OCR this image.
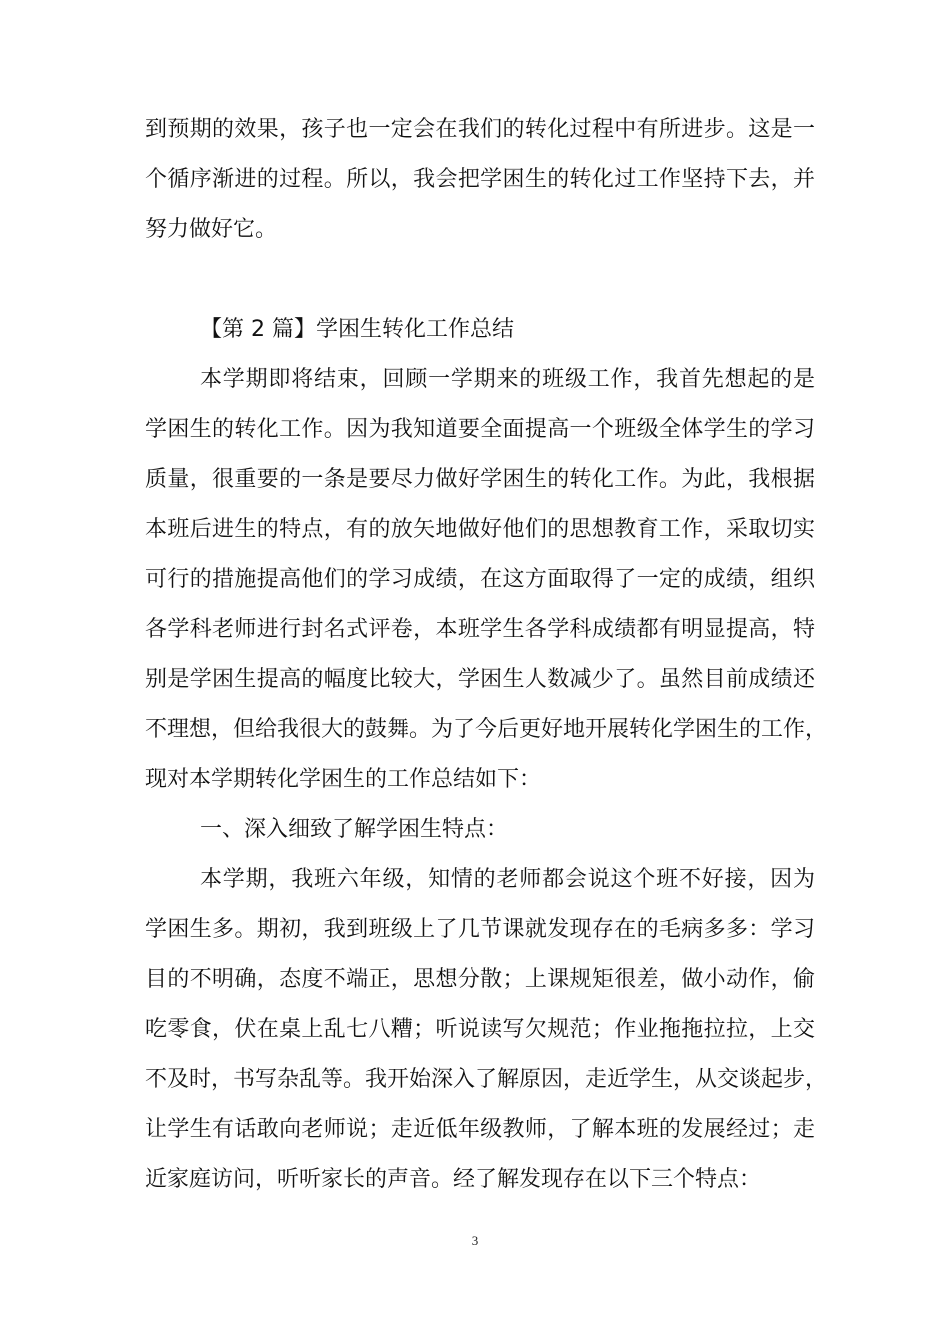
到预期的效果，孩子也一定会在我们的转化过程中有所进步。这是一
个循序渐进的过程。所以，我会把学困生的转化过工作坚持下去，并
努力做好它。
【第 2 篇】学困生转化工作总结
本学期即将结束，回顾一学期来的班级工作，我首先想起的是
学困生的转化工作。因为我知道要全面提高一个班级全体学生的学习
质量，很重要的一条是要尽力做好学困生的转化工作。为此，我根据
本班后进生的特点，有的放矢地做好他们的思想教育工作，采取切实
可行的措施提高他们的学习成绩，在这方面取得了一定的成绩，组织
各学科老师进行封名式评卷，本班学生各学科成绩都有明显提高，特
别是学困生提高的幅度比较大，学困生人数减少了。虽然目前成绩还
不理想，但给我很大的鼓舞。为了今后更好地开展转化学困生的工作，
现对本学期转化学困生的工作总结如下：
一、深入细致了解学困生特点：
本学期，我班六年级，知情的老师都会说这个班不好接，因为
学困生多。期初，我到班级上了几节课就发现存在的毛病多多：学习
目的不明确，态度不端正，思想分散；上课规矩很差，做小动作，偷
吃零食，伏在桌上乱七八糟；听说读写欠规范；作业拖拖拉拉，上交
不及时，书写杂乱等。我开始深入了解原因，走近学生，从交谈起步，
让学生有话敢向老师说；走近低年级教师，了解本班的发展经过；走
近家庭访问，听听家长的声音。经了解发现存在以下三个特点：
3
